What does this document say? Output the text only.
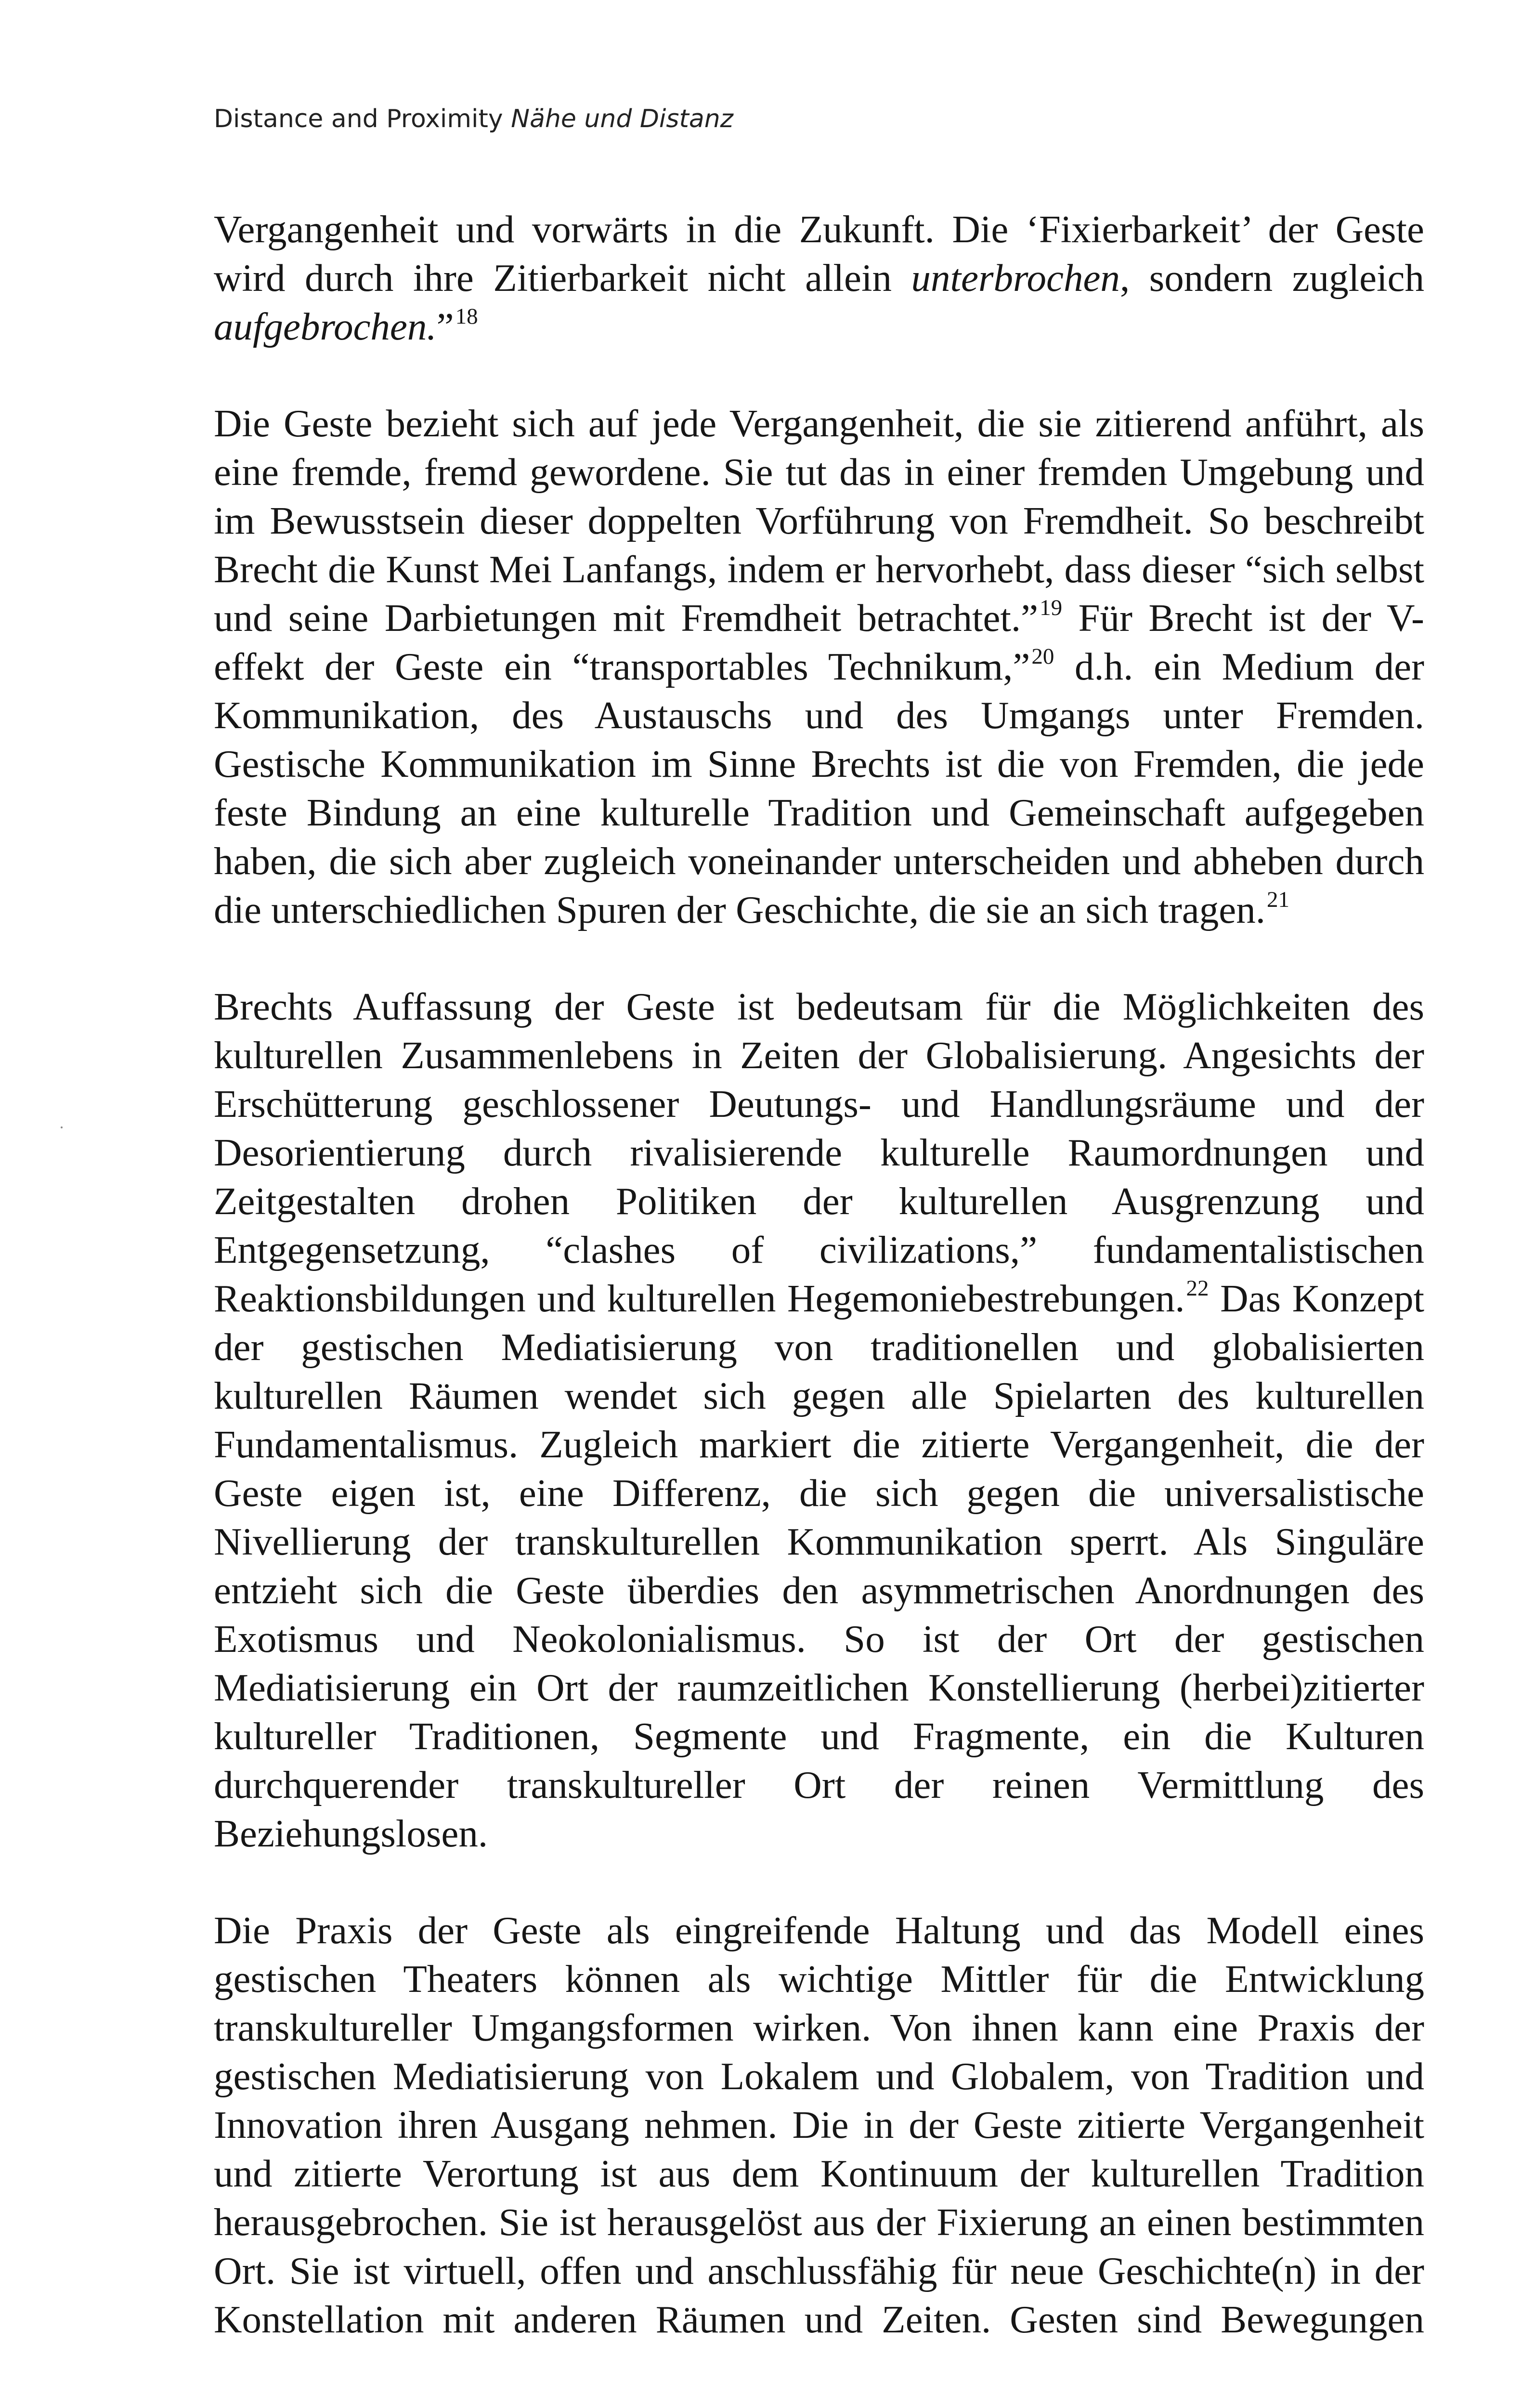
Distance and Proximity Nähe und Distanz

Vergangenheit und vorwärts in die Zukunft. Die ‘Fixierbarkeit’ der Geste wird durch ihre Zitierbarkeit nicht allein unterbrochen, sondern zugleich aufgebrochen.”$^{18}$

Die Geste bezieht sich auf jede Vergangenheit, die sie zitierend anführt, als eine fremde, fremd gewordene. Sie tut das in einer fremden Umgebung und im Bewusstsein dieser doppelten Vorführung von Fremdheit. So beschreibt Brecht die Kunst Mei Lanfangs, indem er hervorhebt, dass dieser “sich selbst und seine Darbietungen mit Fremdheit betrachtet.”$^{19}$ Für Brecht ist der V-effekt der Geste ein “transportables Technikum,”$^{20}$ d.h. ein Medium der Kommunikation, des Austauschs und des Umgangs unter Fremden. Gestische Kommunikation im Sinne Brechts ist die von Fremden, die jede feste Bindung an eine kulturelle Tradition und Gemeinschaft aufgegeben haben, die sich aber zugleich voneinander unterscheiden und abheben durch die unterschiedlichen Spuren der Geschichte, die sie an sich tragen.$^{21}$

Brechts Auffassung der Geste ist bedeutsam für die Möglichkeiten des kulturellen Zusammenlebens in Zeiten der Globalisierung. Angesichts der Erschütterung geschlossener Deutungs- und Handlungsräume und der Desorientierung durch rivalisierende kulturelle Raumordnungen und Zeitgestalten drohen Politiken der kulturellen Ausgrenzung und Entgegensetzung, “clashes of civilizations,” fundamentalistischen Reaktionsbildungen und kulturellen Hegemoniebestrebungen.$^{22}$ Das Konzept der gestischen Mediatisierung von traditionellen und globalisierten kulturellen Räumen wendet sich gegen alle Spielarten des kulturellen Fundamentalismus. Zugleich markiert die zitierte Vergangenheit, die der Geste eigen ist, eine Differenz, die sich gegen die universalistische Nivellierung der transkulturellen Kommunikation sperrt. Als Singuläre entzieht sich die Geste überdies den asymmetrischen Anordnungen des Exotismus und Neokolonialismus. So ist der Ort der gestischen Mediatisierung ein Ort der raumzeitlichen Konstellierung (herbei)zitierter kultureller Traditionen, Segmente und Fragmente, ein die Kulturen durchquerender transkultureller Ort der reinen Vermittlung des Beziehungslosen.

Die Praxis der Geste als eingreifende Haltung und das Modell eines gestischen Theaters können als wichtige Mittler für die Entwicklung transkultureller Umgangsformen wirken. Von ihnen kann eine Praxis der gestischen Mediatisierung von Lokalem und Globalem, von Tradition und Innovation ihren Ausgang nehmen. Die in der Geste zitierte Vergangenheit und zitierte Verortung ist aus dem Kontinuum der kulturellen Tradition herausgebrochen. Sie ist herausgelöst aus der Fixierung an einen bestimmten Ort. Sie ist virtuell, offen und anschlussfähig für neue Geschichte(n) in der Konstellation mit anderen Räumen und Zeiten. Gesten sind Bewegungen
